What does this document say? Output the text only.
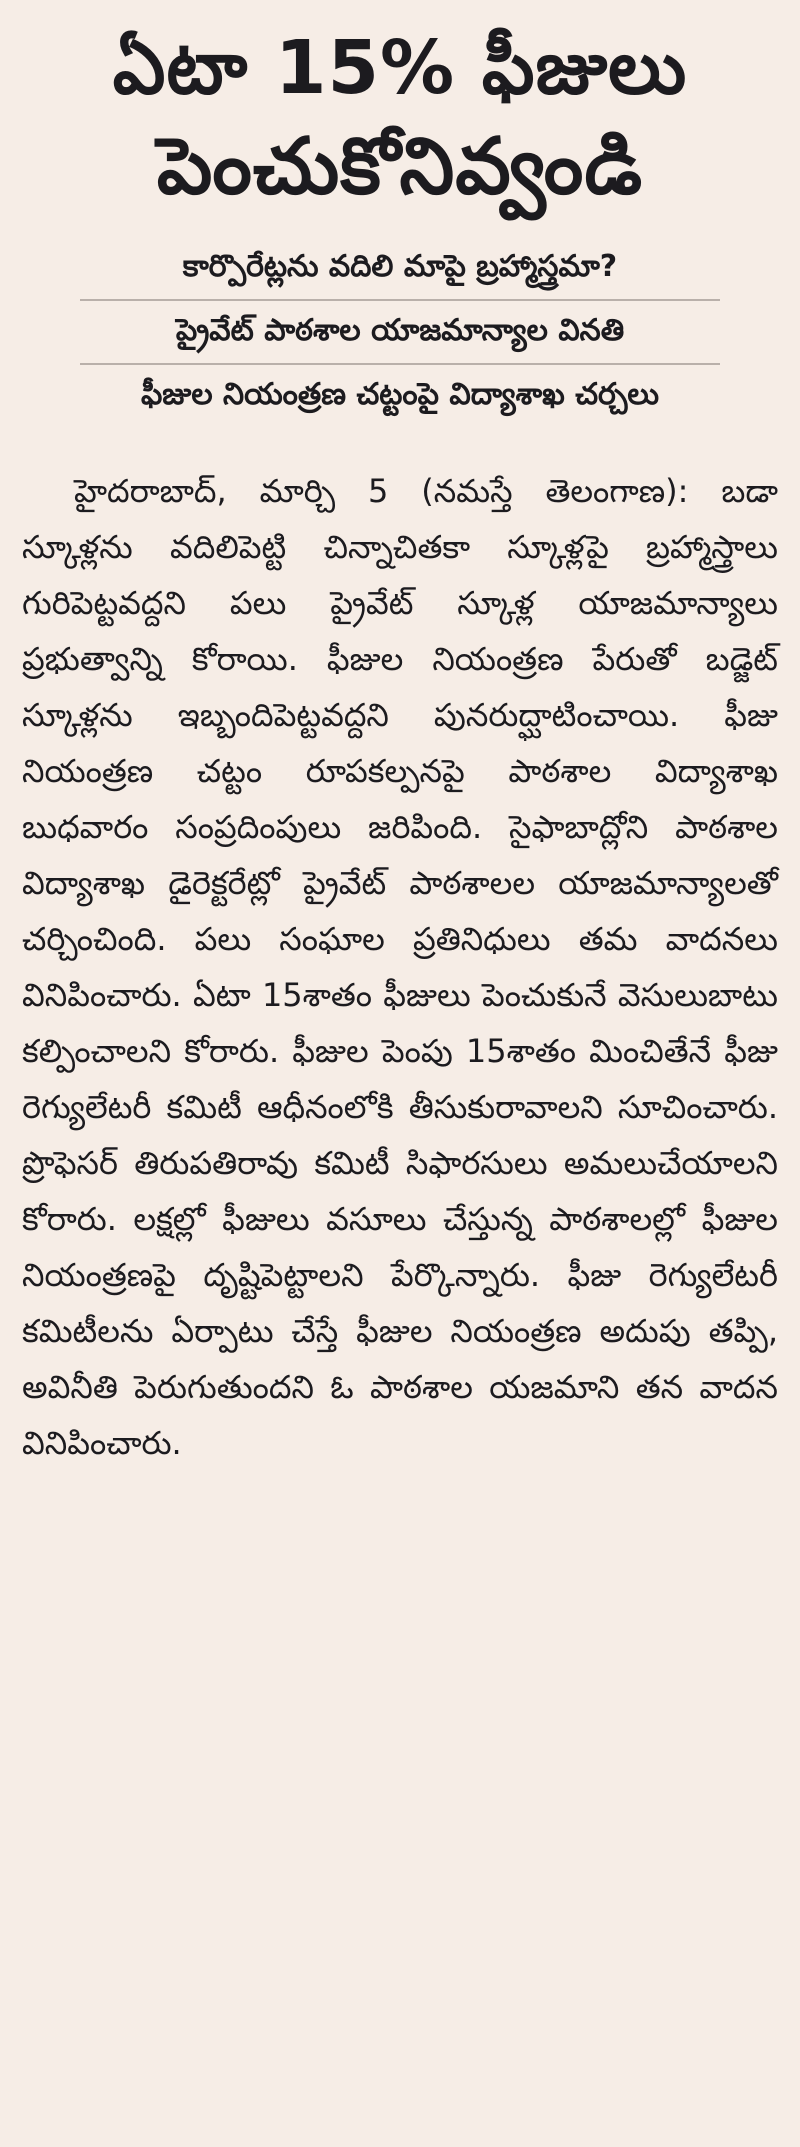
ఏటా 15% ఫీజులు
పెంచుకోనివ్వండి
కార్పొరేట్లను వదిలి మాపై బ్రహ్మాస్త్రమా?
ప్రైవేట్ పాఠశాల యాజమాన్యాల వినతి
ఫీజుల నియంత్రణ చట్టంపై విద్యాశాఖ చర్చలు
హైదరాబాద్, మార్చి 5 (నమస్తే తెలంగాణ): బడా స్కూళ్లను వదిలిపెట్టి చిన్నాచితకా స్కూళ్లపై బ్రహ్మాస్త్రాలు గురిపెట్టవద్దని పలు ప్రైవేట్ స్కూళ్ల యాజమాన్యాలు ప్రభుత్వాన్ని కోరాయి. ఫీజుల నియంత్రణ పేరుతో బడ్జెట్ స్కూళ్లను ఇబ్బందిపెట్టవద్దని పునరుద్ఘాటించాయి. ఫీజు నియంత్రణ చట్టం రూపకల్పనపై పాఠశాల విద్యాశాఖ బుధవారం సంప్రదింపులు జరిపింది. సైఫాబాద్లోని పాఠశాల విద్యాశాఖ డైరెక్టరేట్లో ప్రైవేట్ పాఠశాలల యాజమాన్యాలతో చర్చించింది. పలు సంఘాల ప్రతినిధులు తమ వాదనలు వినిపించారు. ఏటా 15శాతం ఫీజులు పెంచుకునే వెసులుబాటు కల్పించాలని కోరారు. ఫీజుల పెంపు 15శాతం మించితేనే ఫీజు రెగ్యులేటరీ కమిటీ ఆధీనంలోకి తీసుకురావాలని సూచించారు. ప్రొఫెసర్ తిరుపతిరావు కమిటీ సిఫారసులు అమలుచేయాలని కోరారు. లక్షల్లో ఫీజులు వసూలు చేస్తున్న పాఠశాలల్లో ఫీజుల నియంత్రణపై దృష్టిపెట్టాలని పేర్కొన్నారు. ఫీజు రెగ్యులేటరీ కమిటీలను ఏర్పాటు చేస్తే ఫీజుల నియంత్రణ అదుపు తప్పి, అవినీతి పెరుగుతుందని ఓ పాఠశాల యజమాని తన వాదన వినిపించారు.
